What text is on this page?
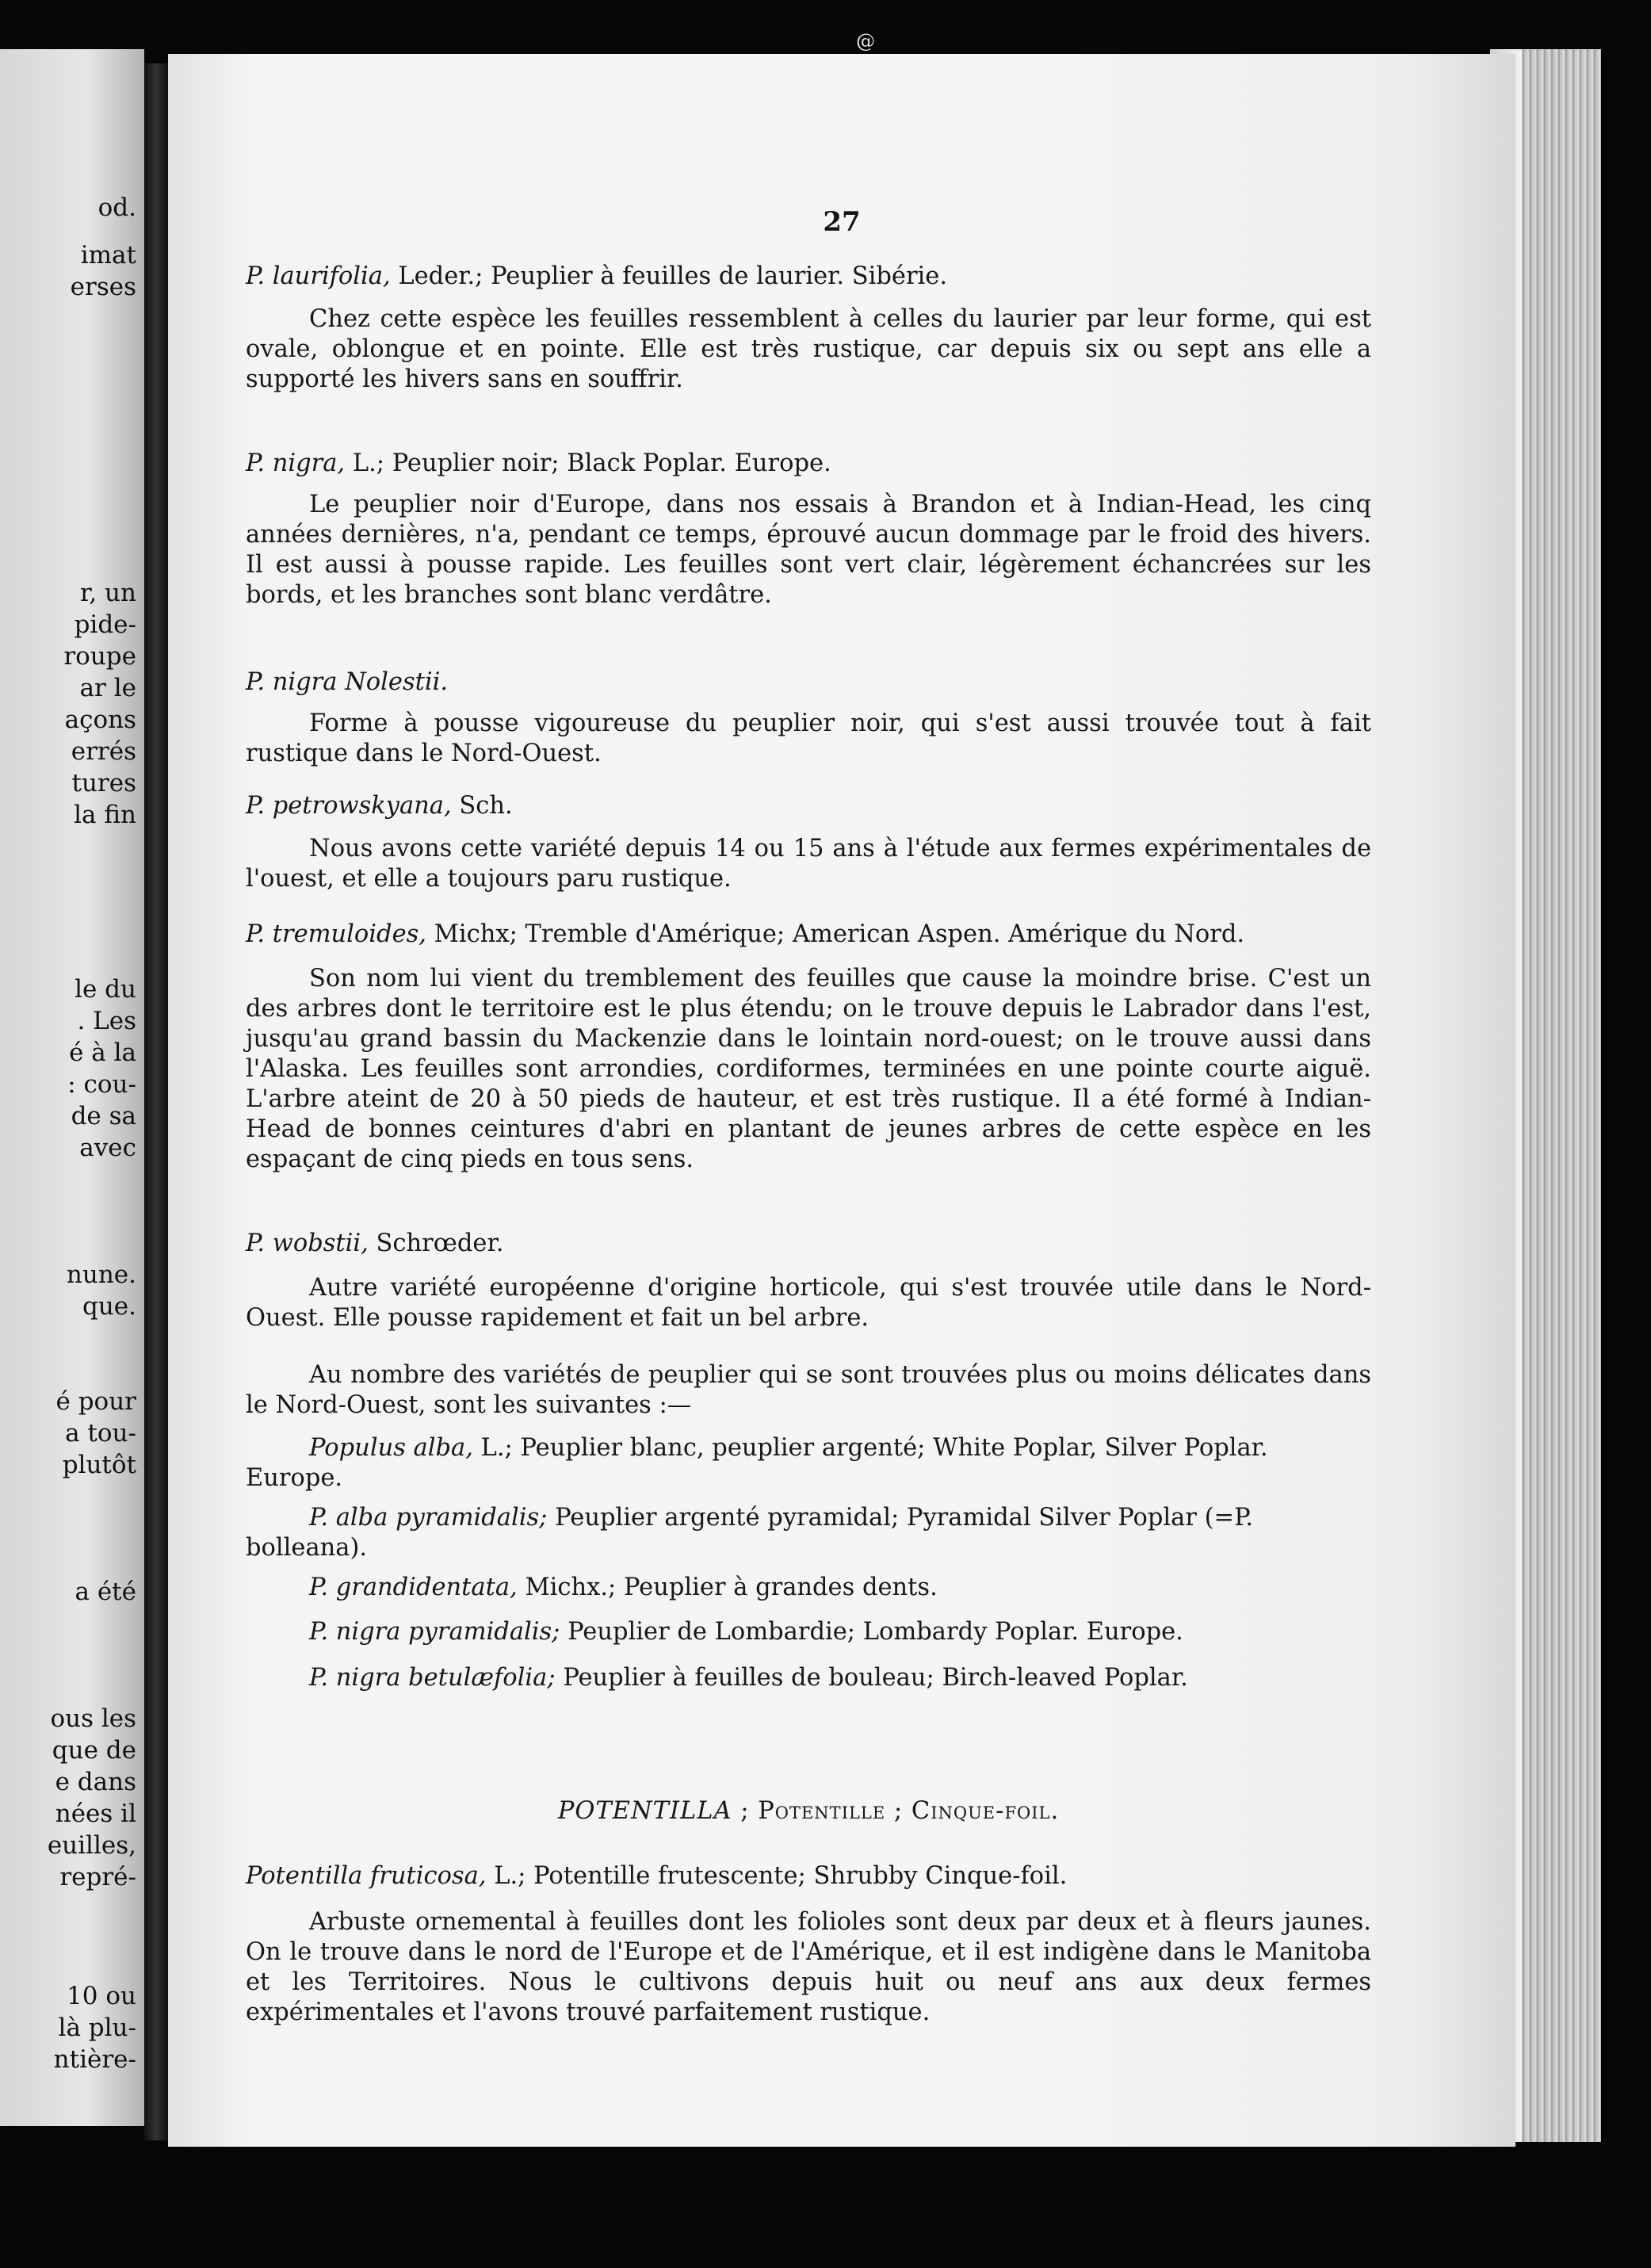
od.
imat
erses
r, un
pide-
roupe
ar le
açons
errés
tures
la fin
le du
. Les
é à la
: cou-
de sa
avec
nune.
que.
é pour
a tou-
plutôt
a été
ous les
que de
e dans
nées il
euilles,
repré-
10 ou
là plu-
ntière-
@
27

P. laurifolia, Leder.; Peuplier à feuilles de laurier. Sibérie.

Chez cette espèce les feuilles ressemblent à celles du laurier par leur forme, qui est ovale, oblongue et en pointe. Elle est très rustique, car depuis six ou sept ans elle a supporté les hivers sans en souffrir.

P. nigra, L.; Peuplier noir; Black Poplar. Europe.

Le peuplier noir d'Europe, dans nos essais à Brandon et à Indian-Head, les cinq années dernières, n'a, pendant ce temps, éprouvé aucun dommage par le froid des hivers. Il est aussi à pousse rapide. Les feuilles sont vert clair, légèrement échancrées sur les bords, et les branches sont blanc verdâtre.

P. nigra Nolestii.

Forme à pousse vigoureuse du peuplier noir, qui s'est aussi trouvée tout à fait rustique dans le Nord-Ouest.

P. petrowskyana, Sch.

Nous avons cette variété depuis 14 ou 15 ans à l'étude aux fermes expérimentales de l'ouest, et elle a toujours paru rustique.

P. tremuloides, Michx; Tremble d'Amérique; American Aspen. Amérique du Nord.

Son nom lui vient du tremblement des feuilles que cause la moindre brise. C'est un des arbres dont le territoire est le plus étendu; on le trouve depuis le Labrador dans l'est, jusqu'au grand bassin du Mackenzie dans le lointain nord-ouest; on le trouve aussi dans l'Alaska. Les feuilles sont arrondies, cordiformes, terminées en une pointe courte aiguë. L'arbre ateint de 20 à 50 pieds de hauteur, et est très rustique. Il a été formé à Indian-Head de bonnes ceintures d'abri en plantant de jeunes arbres de cette espèce en les espaçant de cinq pieds en tous sens.

P. wobstii, Schrœder.

Autre variété européenne d'origine horticole, qui s'est trouvée utile dans le Nord-Ouest. Elle pousse rapidement et fait un bel arbre.

Au nombre des variétés de peuplier qui se sont trouvées plus ou moins délicates dans le Nord-Ouest, sont les suivantes :—

Populus alba, L.; Peuplier blanc, peuplier argenté; White Poplar, Silver Poplar. Europe.

P. alba pyramidalis; Peuplier argenté pyramidal; Pyramidal Silver Poplar (=P. bolleana).

P. grandidentata, Michx.; Peuplier à grandes dents.

P. nigra pyramidalis; Peuplier de Lombardie; Lombardy Poplar. Europe.

P. nigra betulæfolia; Peuplier à feuilles de bouleau; Birch-leaved Poplar.

POTENTILLA ; Potentille ; Cinque-foil.

Potentilla fruticosa, L.; Potentille frutescente; Shrubby Cinque-foil.

Arbuste ornemental à feuilles dont les folioles sont deux par deux et à fleurs jaunes. On le trouve dans le nord de l'Europe et de l'Amérique, et il est indigène dans le Manitoba et les Territoires. Nous le cultivons depuis huit ou neuf ans aux deux fermes expérimentales et l'avons trouvé parfaitement rustique.
